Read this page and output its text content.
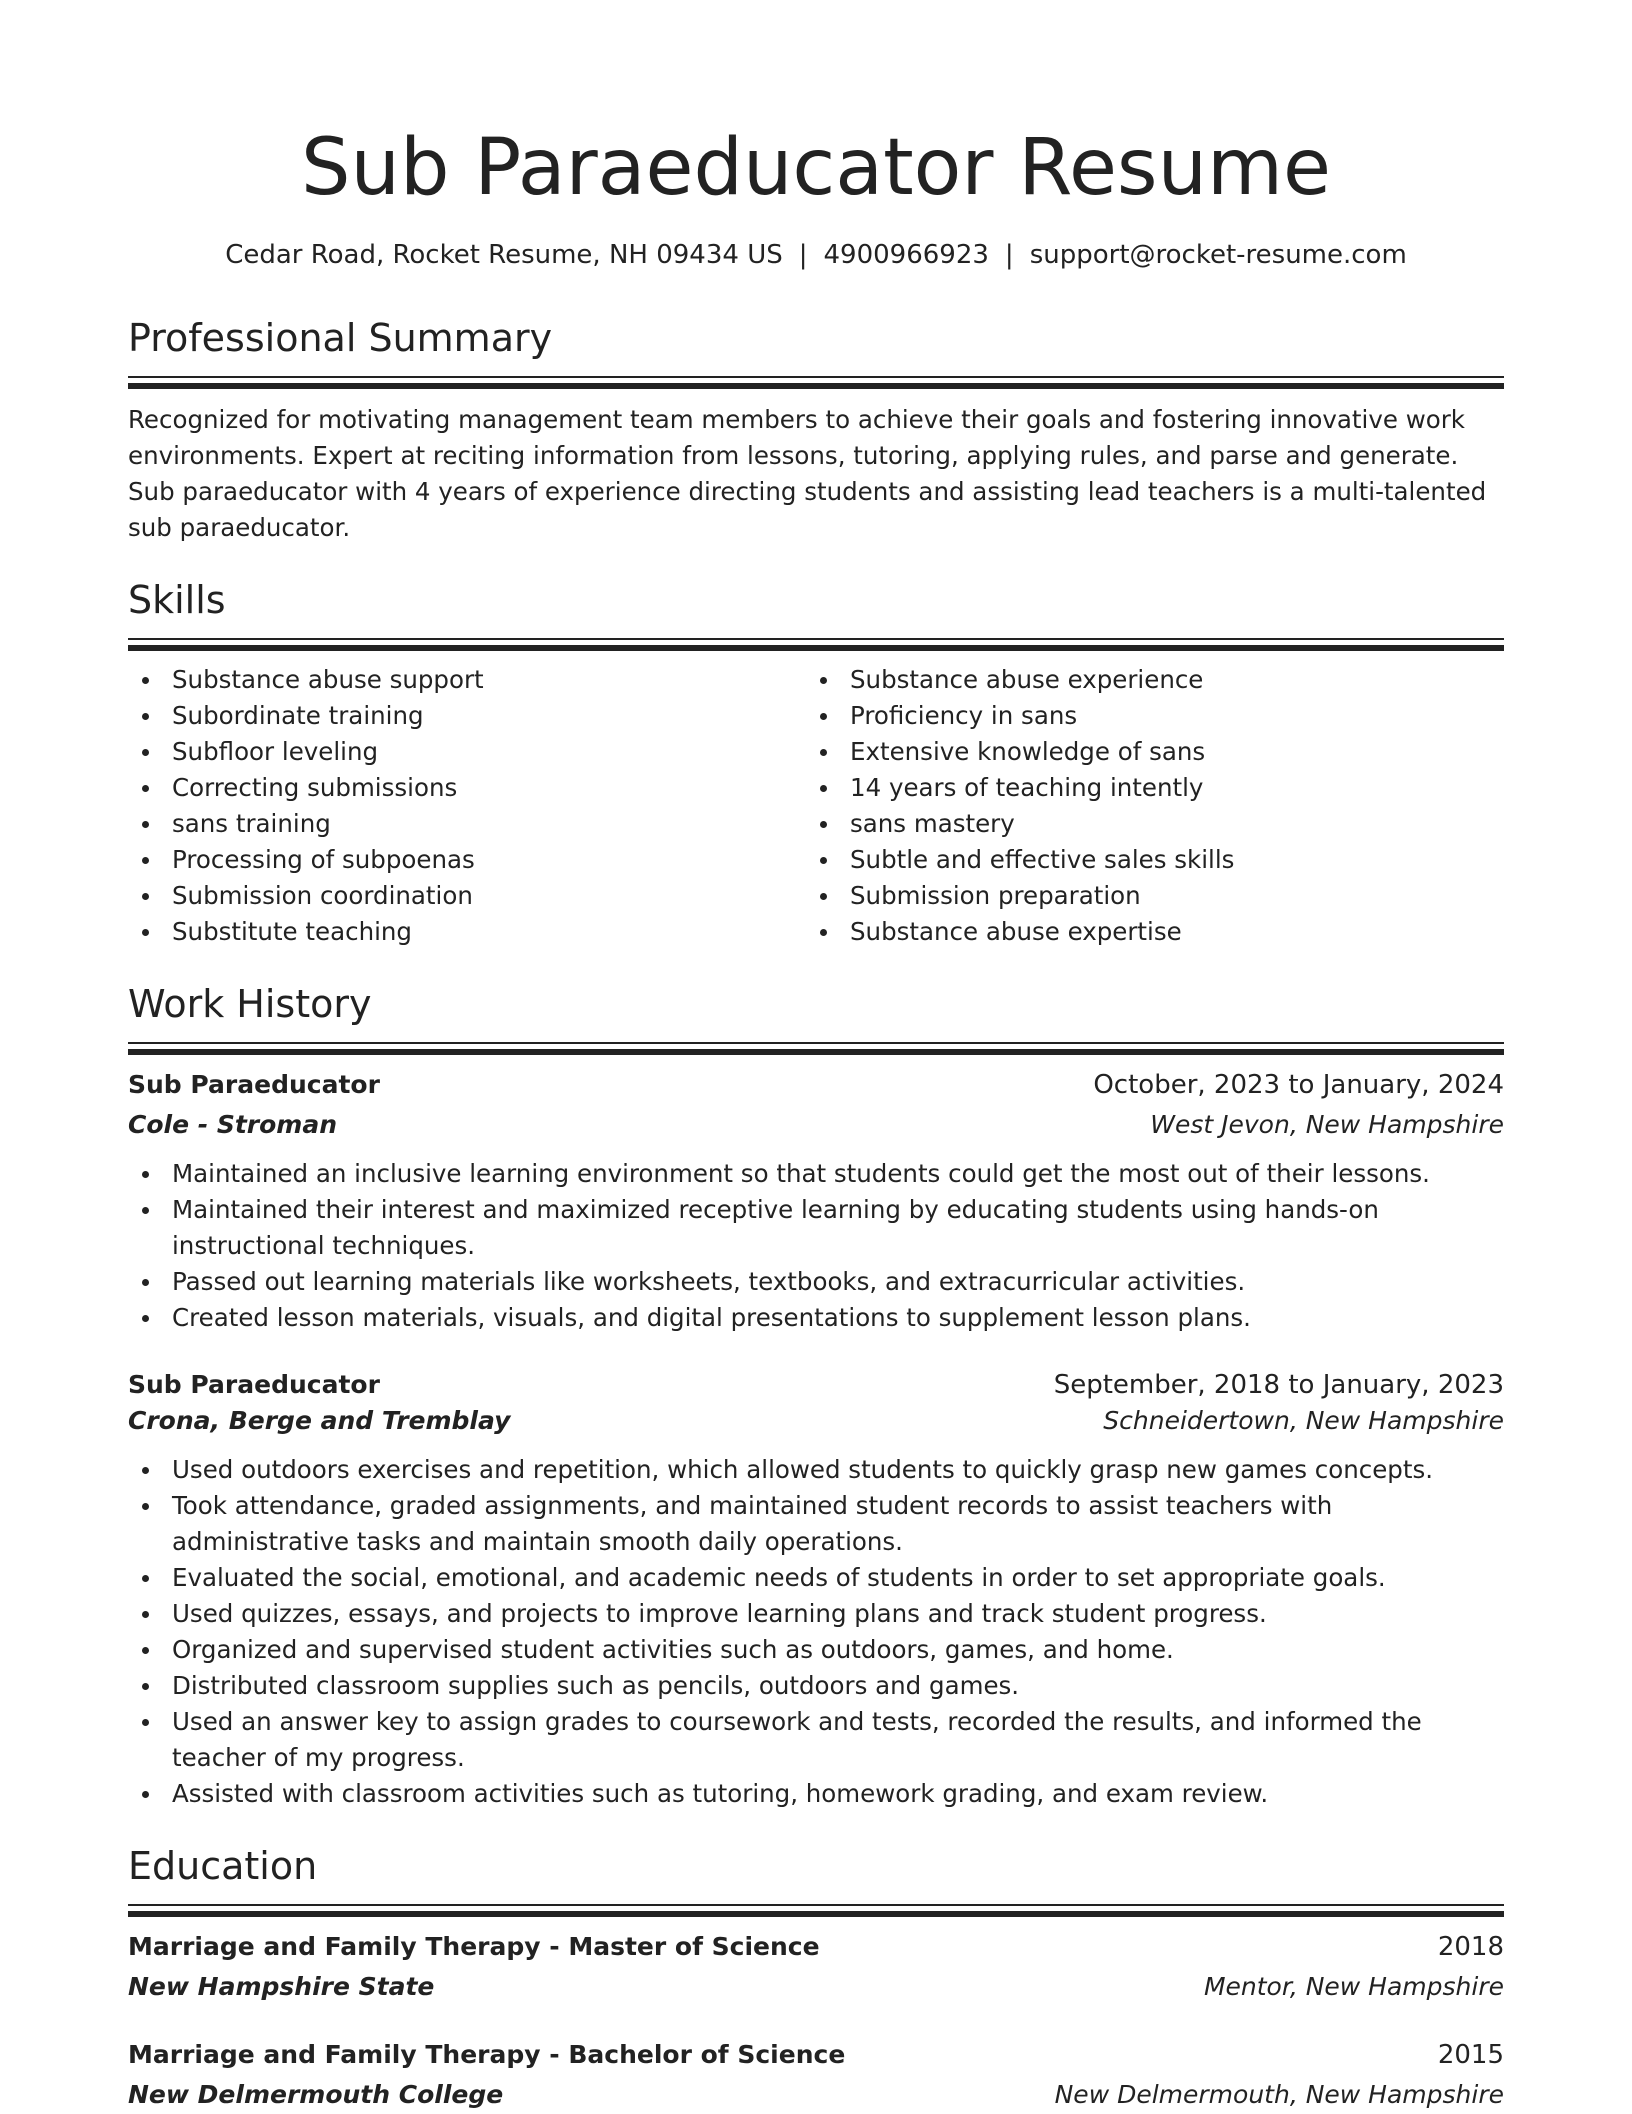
Sub Paraeducator Resume
Cedar Road, Rocket Resume, NH 09434 US | 4900966923 | support@rocket-resume.com
Professional Summary

Recognized for motivating management team members to achieve their goals and fostering innovative work environments. Expert at reciting information from lessons, tutoring, applying rules, and parse and generate. Sub paraeducator with 4 years of experience directing students and assisting lead teachers is a multi-talented sub paraeducator.

Skills
Substance abuse support
Subordinate training
Subfloor leveling
Correcting submissions
sans training
Processing of subpoenas
Submission coordination
Substitute teaching
Substance abuse experience
Proficiency in sans
Extensive knowledge of sans
14 years of teaching intently
sans mastery
Subtle and effective sales skills
Submission preparation
Substance abuse expertise
Work History
Sub Paraeducator	October, 2023 to January, 2024
Cole - Stroman	West Jevon, New Hampshire
Maintained an inclusive learning environment so that students could get the most out of their lessons.
Maintained their interest and maximized receptive learning by educating students using hands-on instructional techniques.
Passed out learning materials like worksheets, textbooks, and extracurricular activities.
Created lesson materials, visuals, and digital presentations to supplement lesson plans.
Sub Paraeducator	September, 2018 to January, 2023
Crona, Berge and Tremblay	Schneidertown, New Hampshire
Used outdoors exercises and repetition, which allowed students to quickly grasp new games concepts.
Took attendance, graded assignments, and maintained student records to assist teachers with administrative tasks and maintain smooth daily operations.
Evaluated the social, emotional, and academic needs of students in order to set appropriate goals.
Used quizzes, essays, and projects to improve learning plans and track student progress.
Organized and supervised student activities such as outdoors, games, and home.
Distributed classroom supplies such as pencils, outdoors and games.
Used an answer key to assign grades to coursework and tests, recorded the results, and informed the teacher of my progress.
Assisted with classroom activities such as tutoring, homework grading, and exam review.
Education
Marriage and Family Therapy - Master of Science	2018
New Hampshire State	Mentor, New Hampshire
Marriage and Family Therapy - Bachelor of Science	2015
New Delmermouth College	New Delmermouth, New Hampshire
